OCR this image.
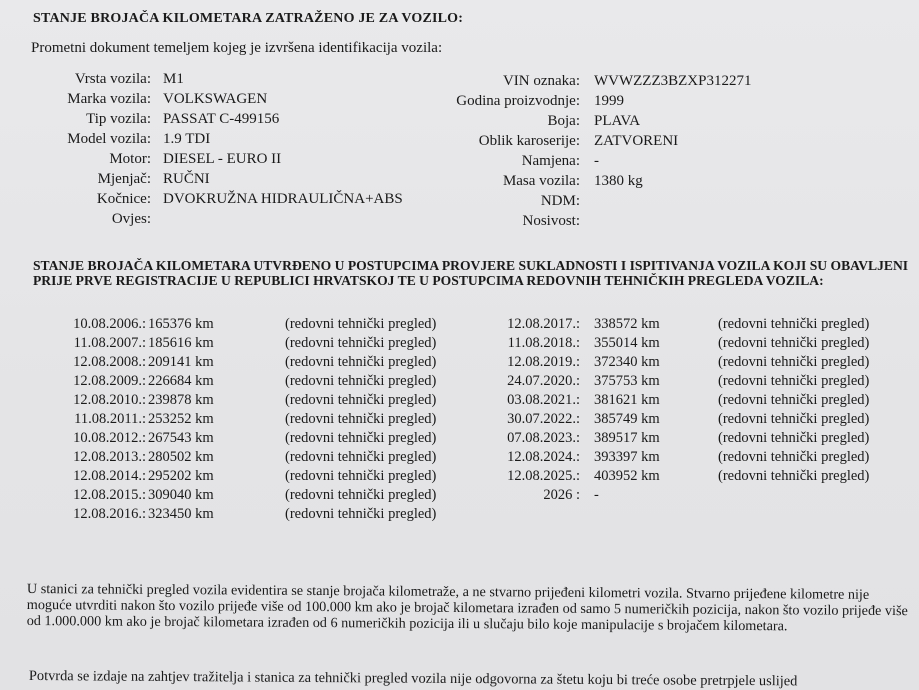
STANJE BROJAČA KILOMETARA ZATRAŽENO JE ZA VOZILO:
Prometni dokument temeljem kojeg je izvršena identifikacija vozila:
Vrsta vozila:
Marka vozila:
Tip vozila:
Model vozila:
Motor:
Mjenjač:
Kočnice:
Ovjes:
M1
VOLKSWAGEN
PASSAT C-499156
1.9 TDI
DIESEL - EURO II
RUČNI
DVOKRUŽNA HIDRAULIČNA+ABS

VIN oznaka:
Godina proizvodnje:
Boja:
Oblik karoserije:
Namjena:
Masa vozila:
NDM:
Nosivost:
WVWZZZ3BZXP312271
1999
PLAVA
ZATVORENI
-
1380 kg

STANJE BROJAČA KILOMETARA UTVRĐENO U POSTUPCIMA PROVJERE SUKLADNOSTI I ISPITIVANJA VOZILA KOJI SU OBAVLJENI PRIJE PRVE REGISTRACIJE U REPUBLICI HRVATSKOJ TE U POSTUPCIMA REDOVNIH TEHNIČKIH PREGLEDA VOZILA:
10.08.2006.:
11.08.2007.:
12.08.2008.:
12.08.2009.:
12.08.2010.:
11.08.2011.:
10.08.2012.:
12.08.2013.:
12.08.2014.:
12.08.2015.:
12.08.2016.:
165376 km
185616 km
209141 km
226684 km
239878 km
253252 km
267543 km
280502 km
295202 km
309040 km
323450 km
(redovni tehnički pregled)
(redovni tehnički pregled)
(redovni tehnički pregled)
(redovni tehnički pregled)
(redovni tehnički pregled)
(redovni tehnički pregled)
(redovni tehnički pregled)
(redovni tehnički pregled)
(redovni tehnički pregled)
(redovni tehnički pregled)
(redovni tehnički pregled)
12.08.2017.:
11.08.2018.:
12.08.2019.:
24.07.2020.:
03.08.2021.:
30.07.2022.:
07.08.2023.:
12.08.2024.:
12.08.2025.:
2026 :
338572 km
355014 km
372340 km
375753 km
381621 km
385749 km
389517 km
393397 km
403952 km
-
(redovni tehnički pregled)
(redovni tehnički pregled)
(redovni tehnički pregled)
(redovni tehnički pregled)
(redovni tehnički pregled)
(redovni tehnički pregled)
(redovni tehnički pregled)
(redovni tehnički pregled)
(redovni tehnički pregled)

U stanici za tehnički pregled vozila evidentira se stanje brojača kilometraže, a ne stvarno prijeđeni kilometri vozila. Stvarno prijeđene kilometre nije moguće utvrditi nakon što vozilo prijeđe više od 100.000 km ako je brojač kilometara izrađen od samo 5 numeričkih pozicija, nakon što vozilo prijeđe više od 1.000.000 km ako je brojač kilometara izrađen od 6 numeričkih pozicija ili u slučaju bilo koje manipulacije s brojačem kilometara.
Potvrda se izdaje na zahtjev tražitelja i stanica za tehnički pregled vozila nije odgovorna za štetu koju bi treće osobe pretrpjele uslijed
